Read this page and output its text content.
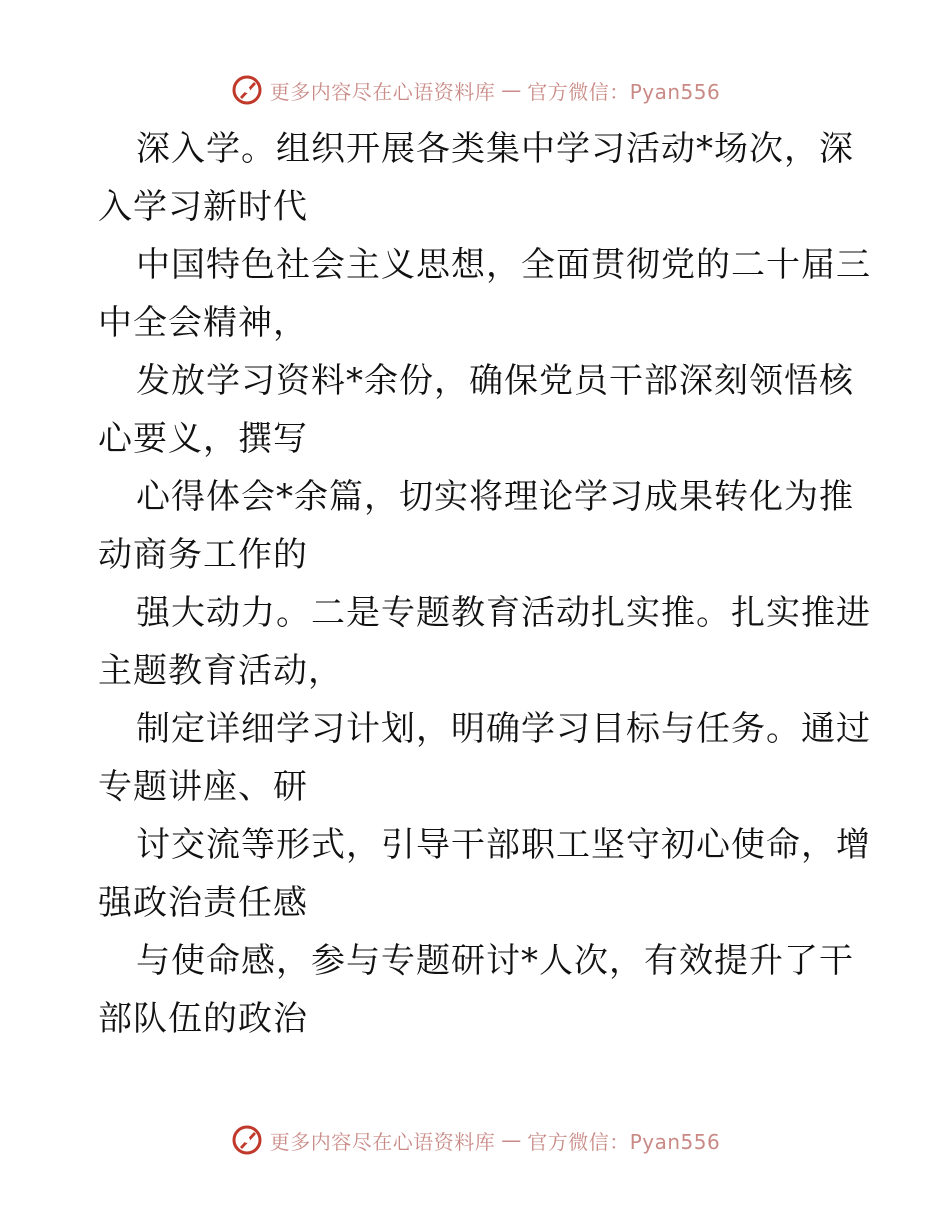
更多内容尽在心语资料库 — 官方微信：Pyan556
深入学。组织开展各类集中学习活动*场次，深
入学习新时代
中国特色社会主义思想，全面贯彻党的二十届三
中全会精神，
发放学习资料*余份，确保党员干部深刻领悟核
心要义，撰写
心得体会*余篇，切实将理论学习成果转化为推
动商务工作的
强大动力。二是专题教育活动扎实推。扎实推进
主题教育活动，
制定详细学习计划，明确学习目标与任务。通过
专题讲座、研
讨交流等形式，引导干部职工坚守初心使命，增
强政治责任感
与使命感，参与专题研讨*人次，有效提升了干
部队伍的政治
更多内容尽在心语资料库 — 官方微信：Pyan556
